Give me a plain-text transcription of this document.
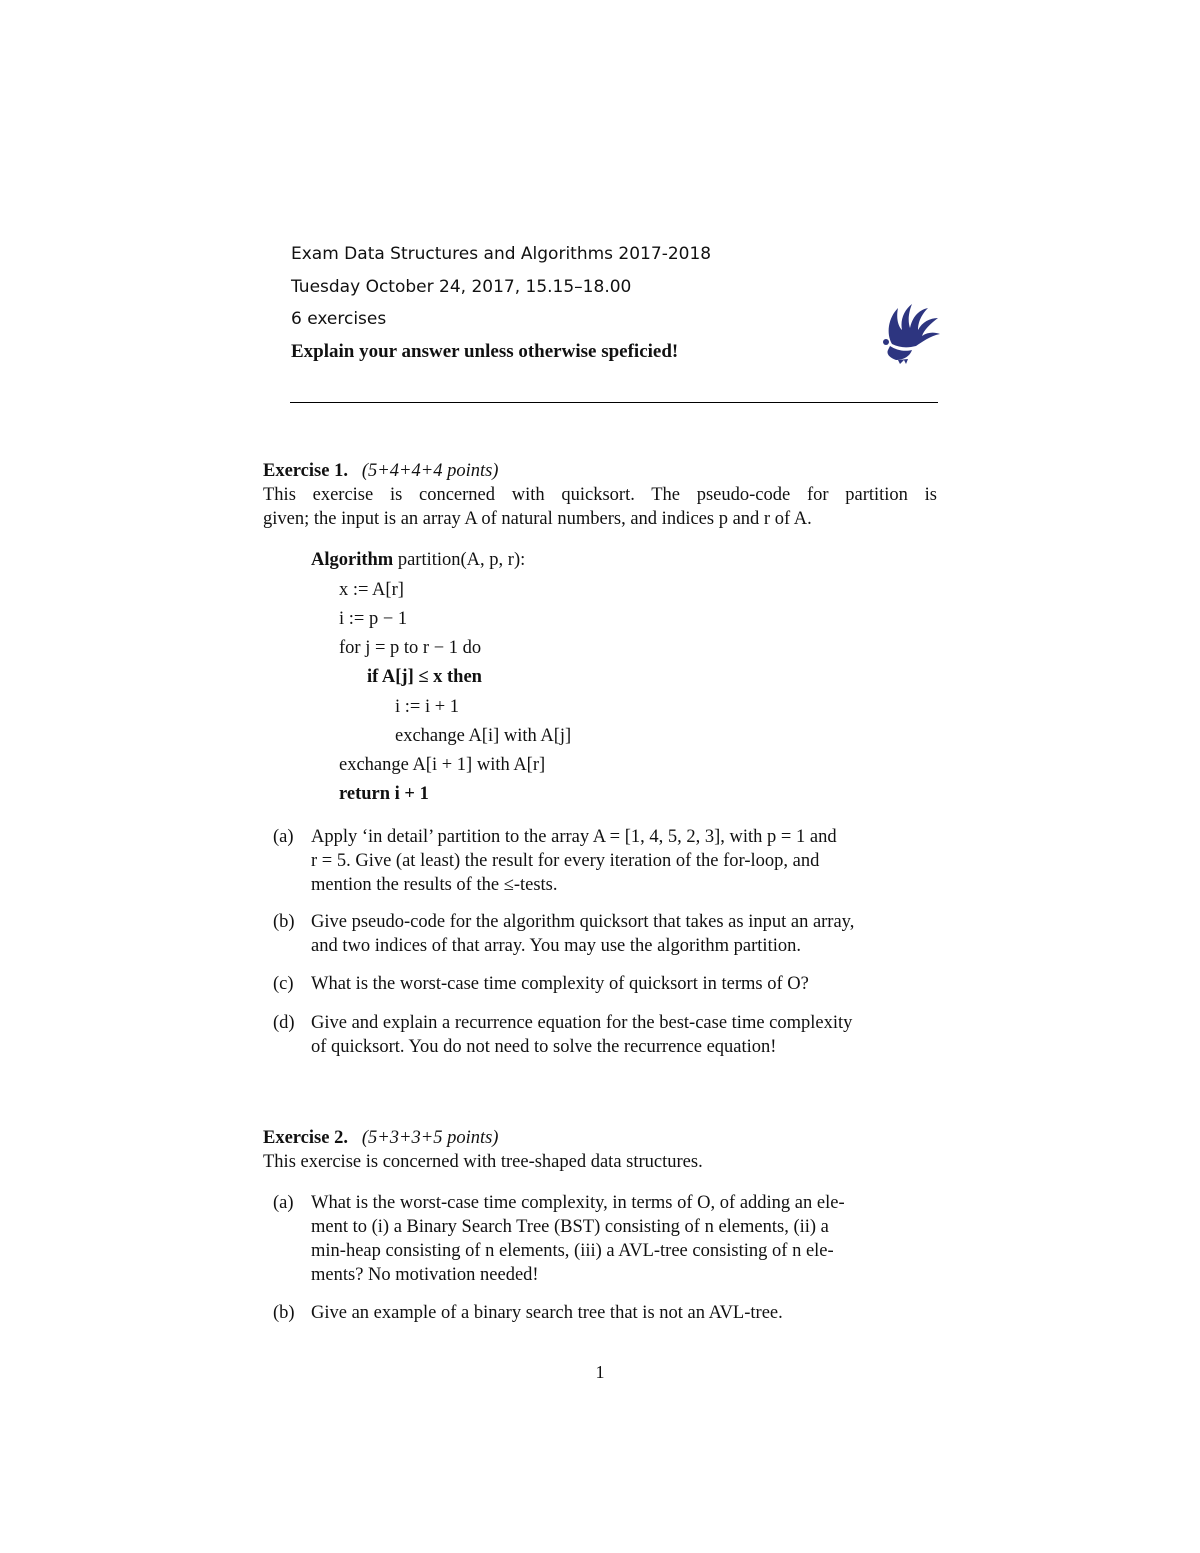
Exam Data Structures and Algorithms 2017-2018
Tuesday October 24, 2017, 15.15–18.00
6 exercises
Explain your answer unless otherwise speficied!
Exercise 1. (5+4+4+4 points)
This exercise is concerned with quicksort. The pseudo-code for partition is
given; the input is an array A of natural numbers, and indices p and r of A.
Algorithm partition(A, p, r):
x := A[r]
i := p − 1
for j = p to r − 1 do
if A[j] ≤ x then
i := i + 1
exchange A[i] with A[j]
exchange A[i + 1] with A[r]
return i + 1
(a) Apply ‘in detail’ partition to the array A = [1, 4, 5, 2, 3], with p = 1 and
r = 5. Give (at least) the result for every iteration of the for-loop, and
mention the results of the ≤-tests.
(b) Give pseudo-code for the algorithm quicksort that takes as input an array,
and two indices of that array. You may use the algorithm partition.
(c) What is the worst-case time complexity of quicksort in terms of O?
(d) Give and explain a recurrence equation for the best-case time complexity
of quicksort. You do not need to solve the recurrence equation!
Exercise 2. (5+3+3+5 points)
This exercise is concerned with tree-shaped data structures.
(a) What is the worst-case time complexity, in terms of O, of adding an ele-
ment to (i) a Binary Search Tree (BST) consisting of n elements, (ii) a
min-heap consisting of n elements, (iii) a AVL-tree consisting of n ele-
ments? No motivation needed!
(b) Give an example of a binary search tree that is not an AVL-tree.
1
